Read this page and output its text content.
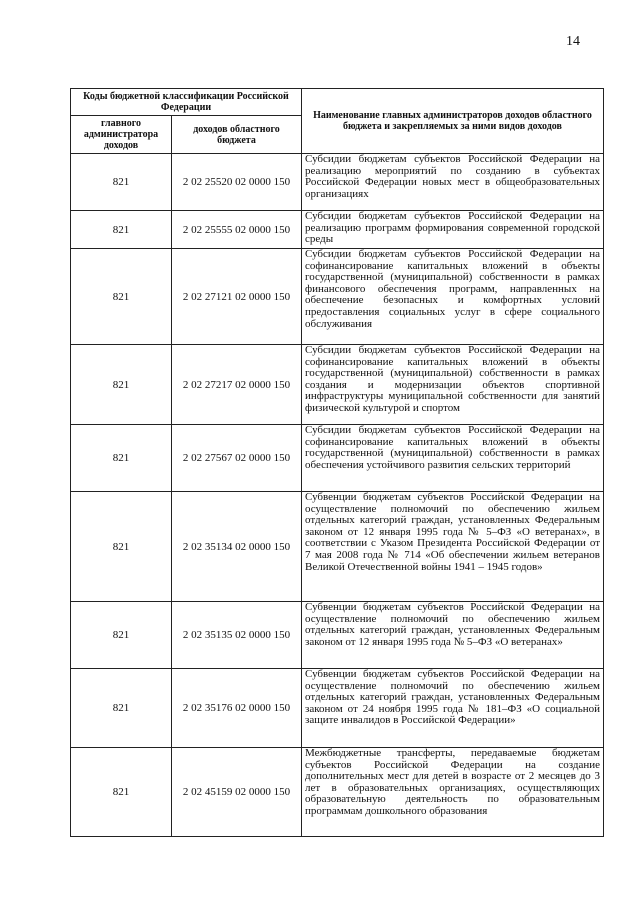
14
Коды бюджетной классификации Российской Федерации		Наименование главных администраторов доходов областного бюджета и закрепляемых за ними видов доходов
главного администратора доходов	доходов областного бюджета	
821	2 02 25520 02 0000 150	Субсидии бюджетам субъектов Российской Федерации на реализацию мероприятий по созданию в субъектах Российской Федерации новых мест в общеобразовательных организациях
821	2 02 25555 02 0000 150	Субсидии бюджетам субъектов Российской Федерации на реализацию программ формирования современной городской среды
821	2 02 27121 02 0000 150	Субсидии бюджетам субъектов Российской Федерации на софинансирование капитальных вложений в объекты государственной (муниципальной) собственности в рамках финансового обеспечения программ, направленных на обеспечение безопасных и комфортных условий предоставления социальных услуг в сфере социального обслуживания
821	2 02 27217 02 0000 150	Субсидии бюджетам субъектов Российской Федерации на софинансирование капитальных вложений в объекты государственной (муниципальной) собственности в рамках создания и модернизации объектов спортивной инфраструктуры муниципальной собственности для занятий физической культурой и спортом
821	2 02 27567 02 0000 150	Субсидии бюджетам субъектов Российской Федерации на софинансирование капитальных вложений в объекты государственной (муниципальной) собственности в рамках обеспечения устойчивого развития сельских территорий
821	2 02 35134 02 0000 150	Субвенции бюджетам субъектов Российской Федерации на осуществление полномочий по обеспечению жильем отдельных категорий граждан, установленных Федеральным законом от 12 января 1995 года № 5–ФЗ «О ветеранах», в соответствии с Указом Президента Российской Федерации от 7 мая 2008 года № 714 «Об обеспечении жильем ветеранов Великой Отечественной войны 1941 – 1945 годов»
821	2 02 35135 02 0000 150	Субвенции бюджетам субъектов Российской Федерации на осуществление полномочий по обеспечению жильем отдельных категорий граждан, установленных Федеральным законом от 12 января 1995 года № 5–ФЗ «О ветеранах»
821	2 02 35176 02 0000 150	Субвенции бюджетам субъектов Российской Федерации на осуществление полномочий по обеспечению жильем отдельных категорий граждан, установленных Федеральным законом от 24 ноября 1995 года № 181–ФЗ «О социальной защите инвалидов в Российской Федерации»
821	2 02 45159 02 0000 150	Межбюджетные трансферты, передаваемые бюджетам субъектов Российской Федерации на создание дополнительных мест для детей в возрасте от 2 месяцев до 3 лет в образовательных организациях, осуществляющих образовательную деятельность по образовательным программам дошкольного образования
